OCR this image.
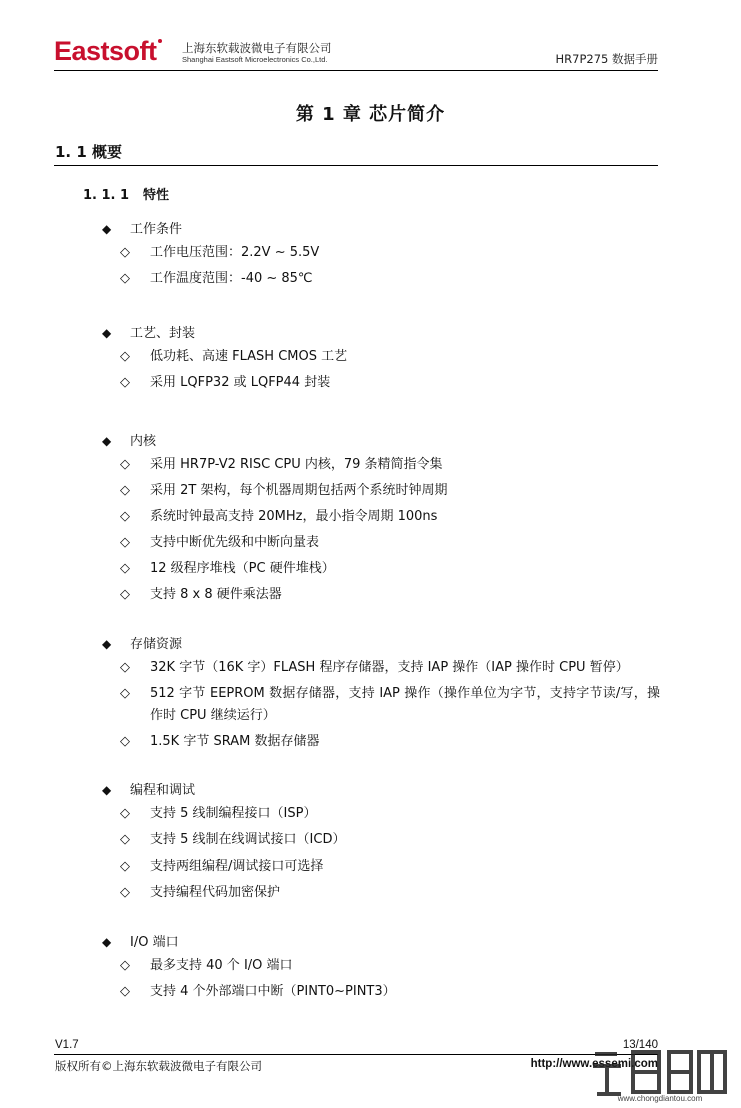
Eastsoft	上海东软载波微电子有限公司
Shanghai Eastsoft Microelectronics Co.,Ltd.	HR7P275 数据手册
第 1 章 芯片简介
1. 1 概要
1. 1. 1 特性
◆ 工作条件
◇ 工作电压范围：2.2V ~ 5.5V
◇ 工作温度范围：-40 ~ 85℃
◆ 工艺、封装
◇ 低功耗、高速 FLASH CMOS 工艺
◇ 采用 LQFP32 或 LQFP44 封装
◆ 内核
◇ 采用 HR7P-V2 RISC CPU 内核，79 条精简指令集
◇ 采用 2T 架构，每个机器周期包括两个系统时钟周期
◇ 系统时钟最高支持 20MHz，最小指令周期 100ns
◇ 支持中断优先级和中断向量表
◇ 12 级程序堆栈（PC 硬件堆栈）
◇ 支持 8 x 8 硬件乘法器
◆ 存储资源
◇ 32K 字节（16K 字）FLASH 程序存储器，支持 IAP 操作（IAP 操作时 CPU 暂停）
◇ 512 字节 EEPROM 数据存储器，支持 IAP 操作（操作单位为字节，支持字节读/写，操作时 CPU 继续运行）
◇ 1.5K 字节 SRAM 数据存储器
◆ 编程和调试
◇ 支持 5 线制编程接口（ISP）
◇ 支持 5 线制在线调试接口（ICD）
◇ 支持两组编程/调试接口可选择
◇ 支持编程代码加密保护
◆ I/O 端口
◇ 最多支持 40 个 I/O 端口
◇ 支持 4 个外部端口中断（PINT0~PINT3）
V1.7	13/140
版权所有©上海东软载波微电子有限公司	http://www.essemi.com
www.chongdiantou.com
